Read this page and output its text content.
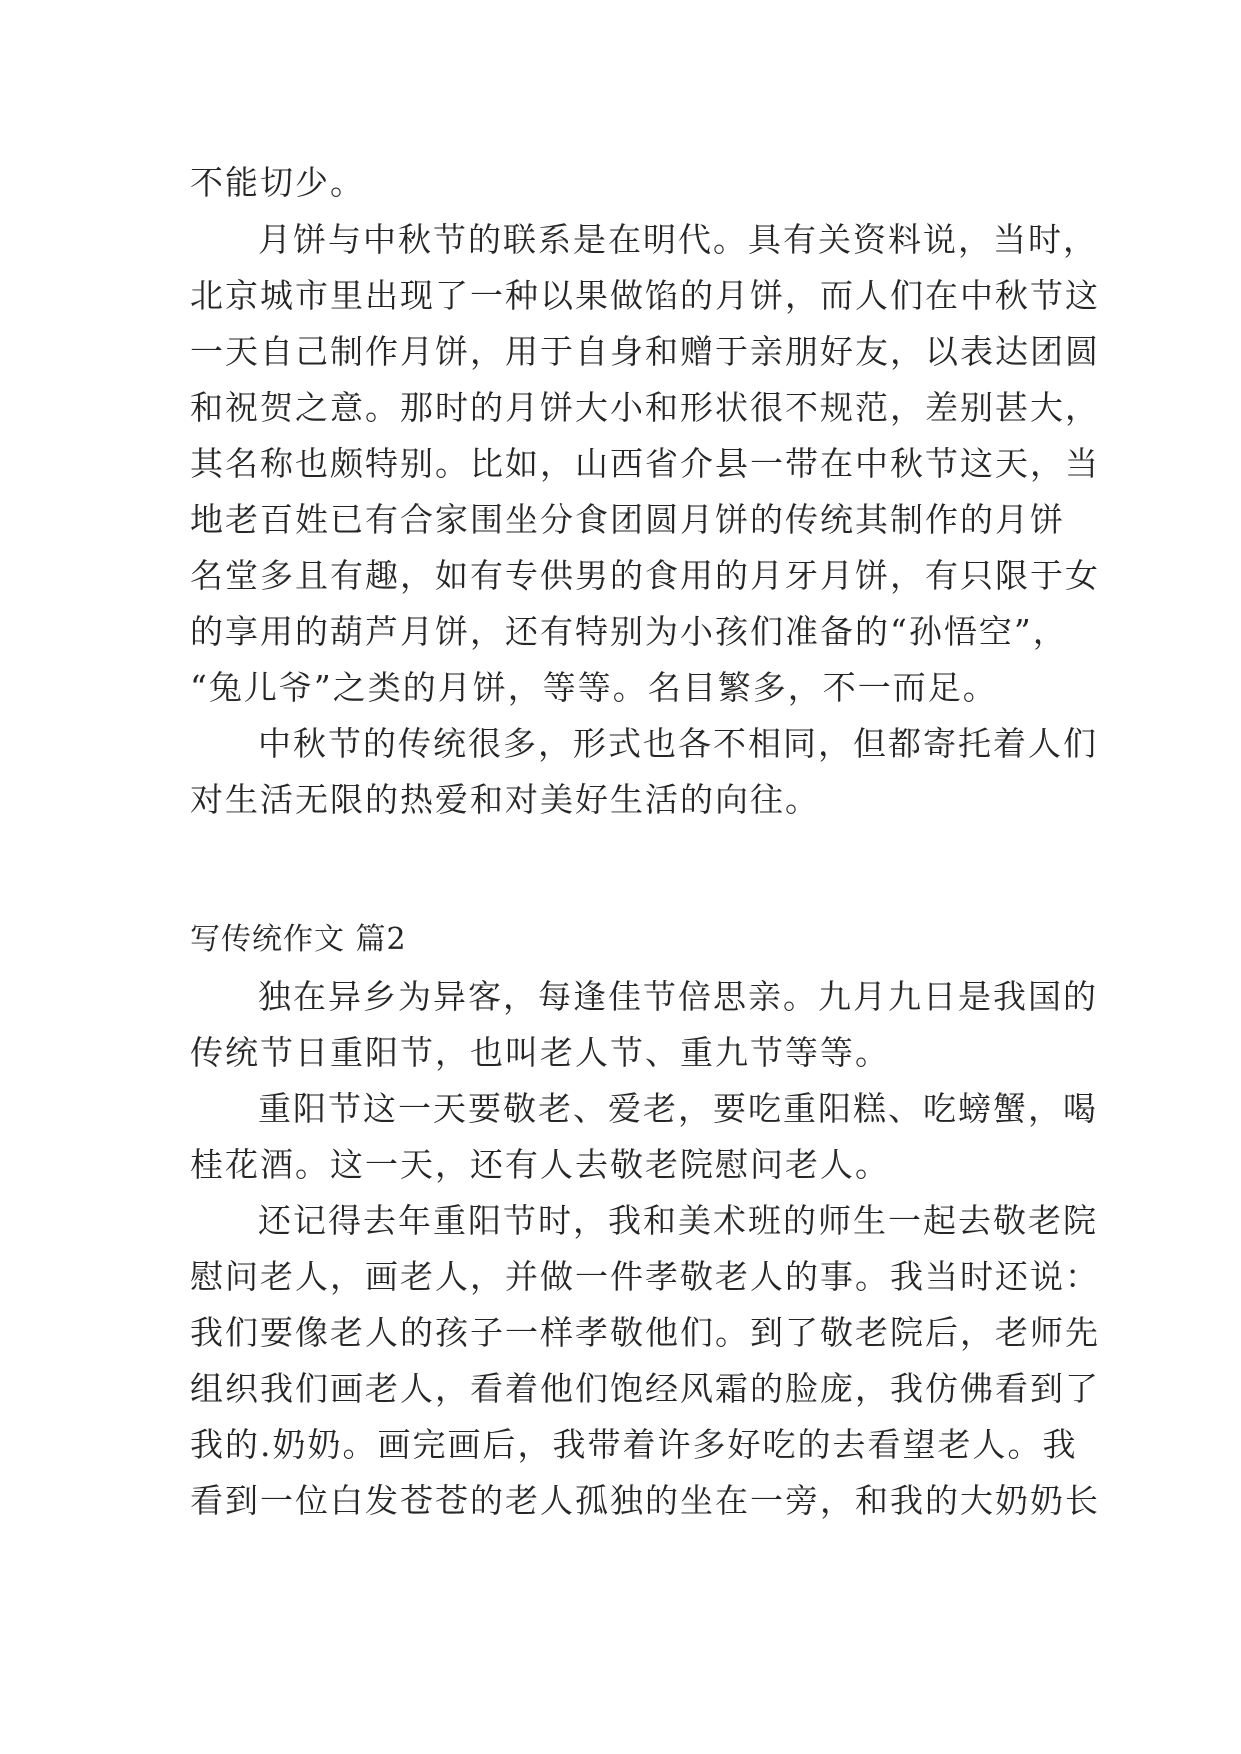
不能切少。
月饼与中秋节的联系是在明代。具有关资料说，当时，
北京城市里出现了一种以果做馅的月饼，而人们在中秋节这
一天自己制作月饼，用于自身和赠于亲朋好友，以表达团圆
和祝贺之意。那时的月饼大小和形状很不规范，差别甚大，
其名称也颇特别。比如，山西省介县一带在中秋节这天，当
地老百姓已有合家围坐分食团圆月饼的传统其制作的月饼
名堂多且有趣，如有专供男的食用的月牙月饼，有只限于女
的享用的葫芦月饼，还有特别为小孩们准备的“孙悟空”，
“兔儿爷”之类的月饼，等等。名目繁多，不一而足。
中秋节的传统很多，形式也各不相同，但都寄托着人们
对生活无限的热爱和对美好生活的向往。
写传统作文 篇2
独在异乡为异客，每逢佳节倍思亲。九月九日是我国的
传统节日重阳节，也叫老人节、重九节等等。
重阳节这一天要敬老、爱老，要吃重阳糕、吃螃蟹，喝
桂花酒。这一天，还有人去敬老院慰问老人。
还记得去年重阳节时，我和美术班的师生一起去敬老院
慰问老人，画老人，并做一件孝敬老人的事。我当时还说：
我们要像老人的孩子一样孝敬他们。到了敬老院后，老师先
组织我们画老人，看着他们饱经风霜的脸庞，我仿佛看到了
我的.奶奶。画完画后，我带着许多好吃的去看望老人。我
看到一位白发苍苍的老人孤独的坐在一旁，和我的大奶奶长
